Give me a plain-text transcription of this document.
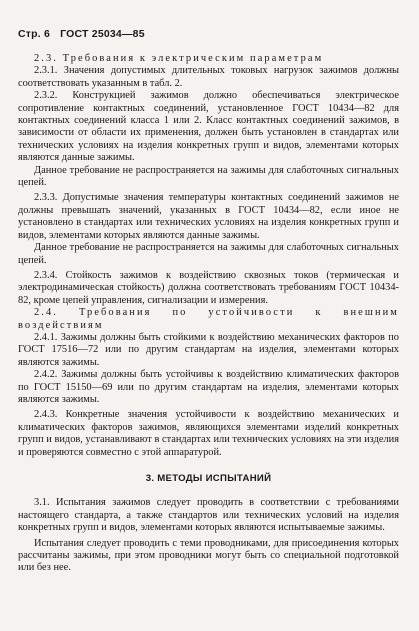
Стр. 6 ГОСТ 25034—85

2.3. Требования к электрическим параметрам

2.3.1. Значения допустимых длительных токовых нагрузок зажимов должны соответствовать указанным в табл. 2.

2.3.2. Конструкцией зажимов должно обеспечиваться электрическое сопротивление контактных соединений, установленное ГОСТ 10434—82 для контактных соединений класса 1 или 2. Класс контактных соединений зажимов, в зависимости от области их применения, должен быть установлен в стандартах или технических условиях на изделия конкретных групп и видов, элементами которых являются данные зажимы.

Данное требование не распространяется на зажимы для слаботочных сигнальных цепей.

2.3.3. Допустимые значения температуры контактных соединений зажимов не должны превышать значений, указанных в ГОСТ 10434—82, если иное не установлено в стандартах или технических условиях на изделия конкретных групп и видов, элементами которых являются данные зажимы.

Данное требование не распространяется на зажимы для слаботочных сигнальных цепей.

2.3.4. Стойкость зажимов к воздействию сквозных токов (термическая и электродинамическая стойкость) должна соответствовать требованиям ГОСТ 10434- 82, кроме цепей управления, сигнализации и измерения.

2.4. Требования по устойчивости к внешним воздействиям

2.4.1. Зажимы должны быть стойкими к воздействию механических факторов по ГОСТ 17516—72 или по другим стандартам на изделия, элементами которых являются зажимы.

2.4.2. Зажимы должны быть устойчивы к воздействию климатических факторов по ГОСТ 15150—69 или по другим стандартам на изделия, элементами которых являются зажимы.

2.4.3. Конкретные значения устойчивости к воздействию механических и климатических факторов зажимов, являющихся элементами изделий конкретных групп и видов, устанавливают в стандартах или технических условиях на эти изделия и проверяются совместно с этой аппаратурой.

3. МЕТОДЫ ИСПЫТАНИЙ

3.1. Испытания зажимов следует проводить в соответствии с требованиями настоящего стандарта, а также стандартов или технических условий на изделия конкретных групп и видов, элементами которых являются испытываемые зажимы.

Испытания следует проводить с теми проводниками, для присоединения которых рассчитаны зажимы, при этом проводники могут быть со специальной подготовкой или без нее.
